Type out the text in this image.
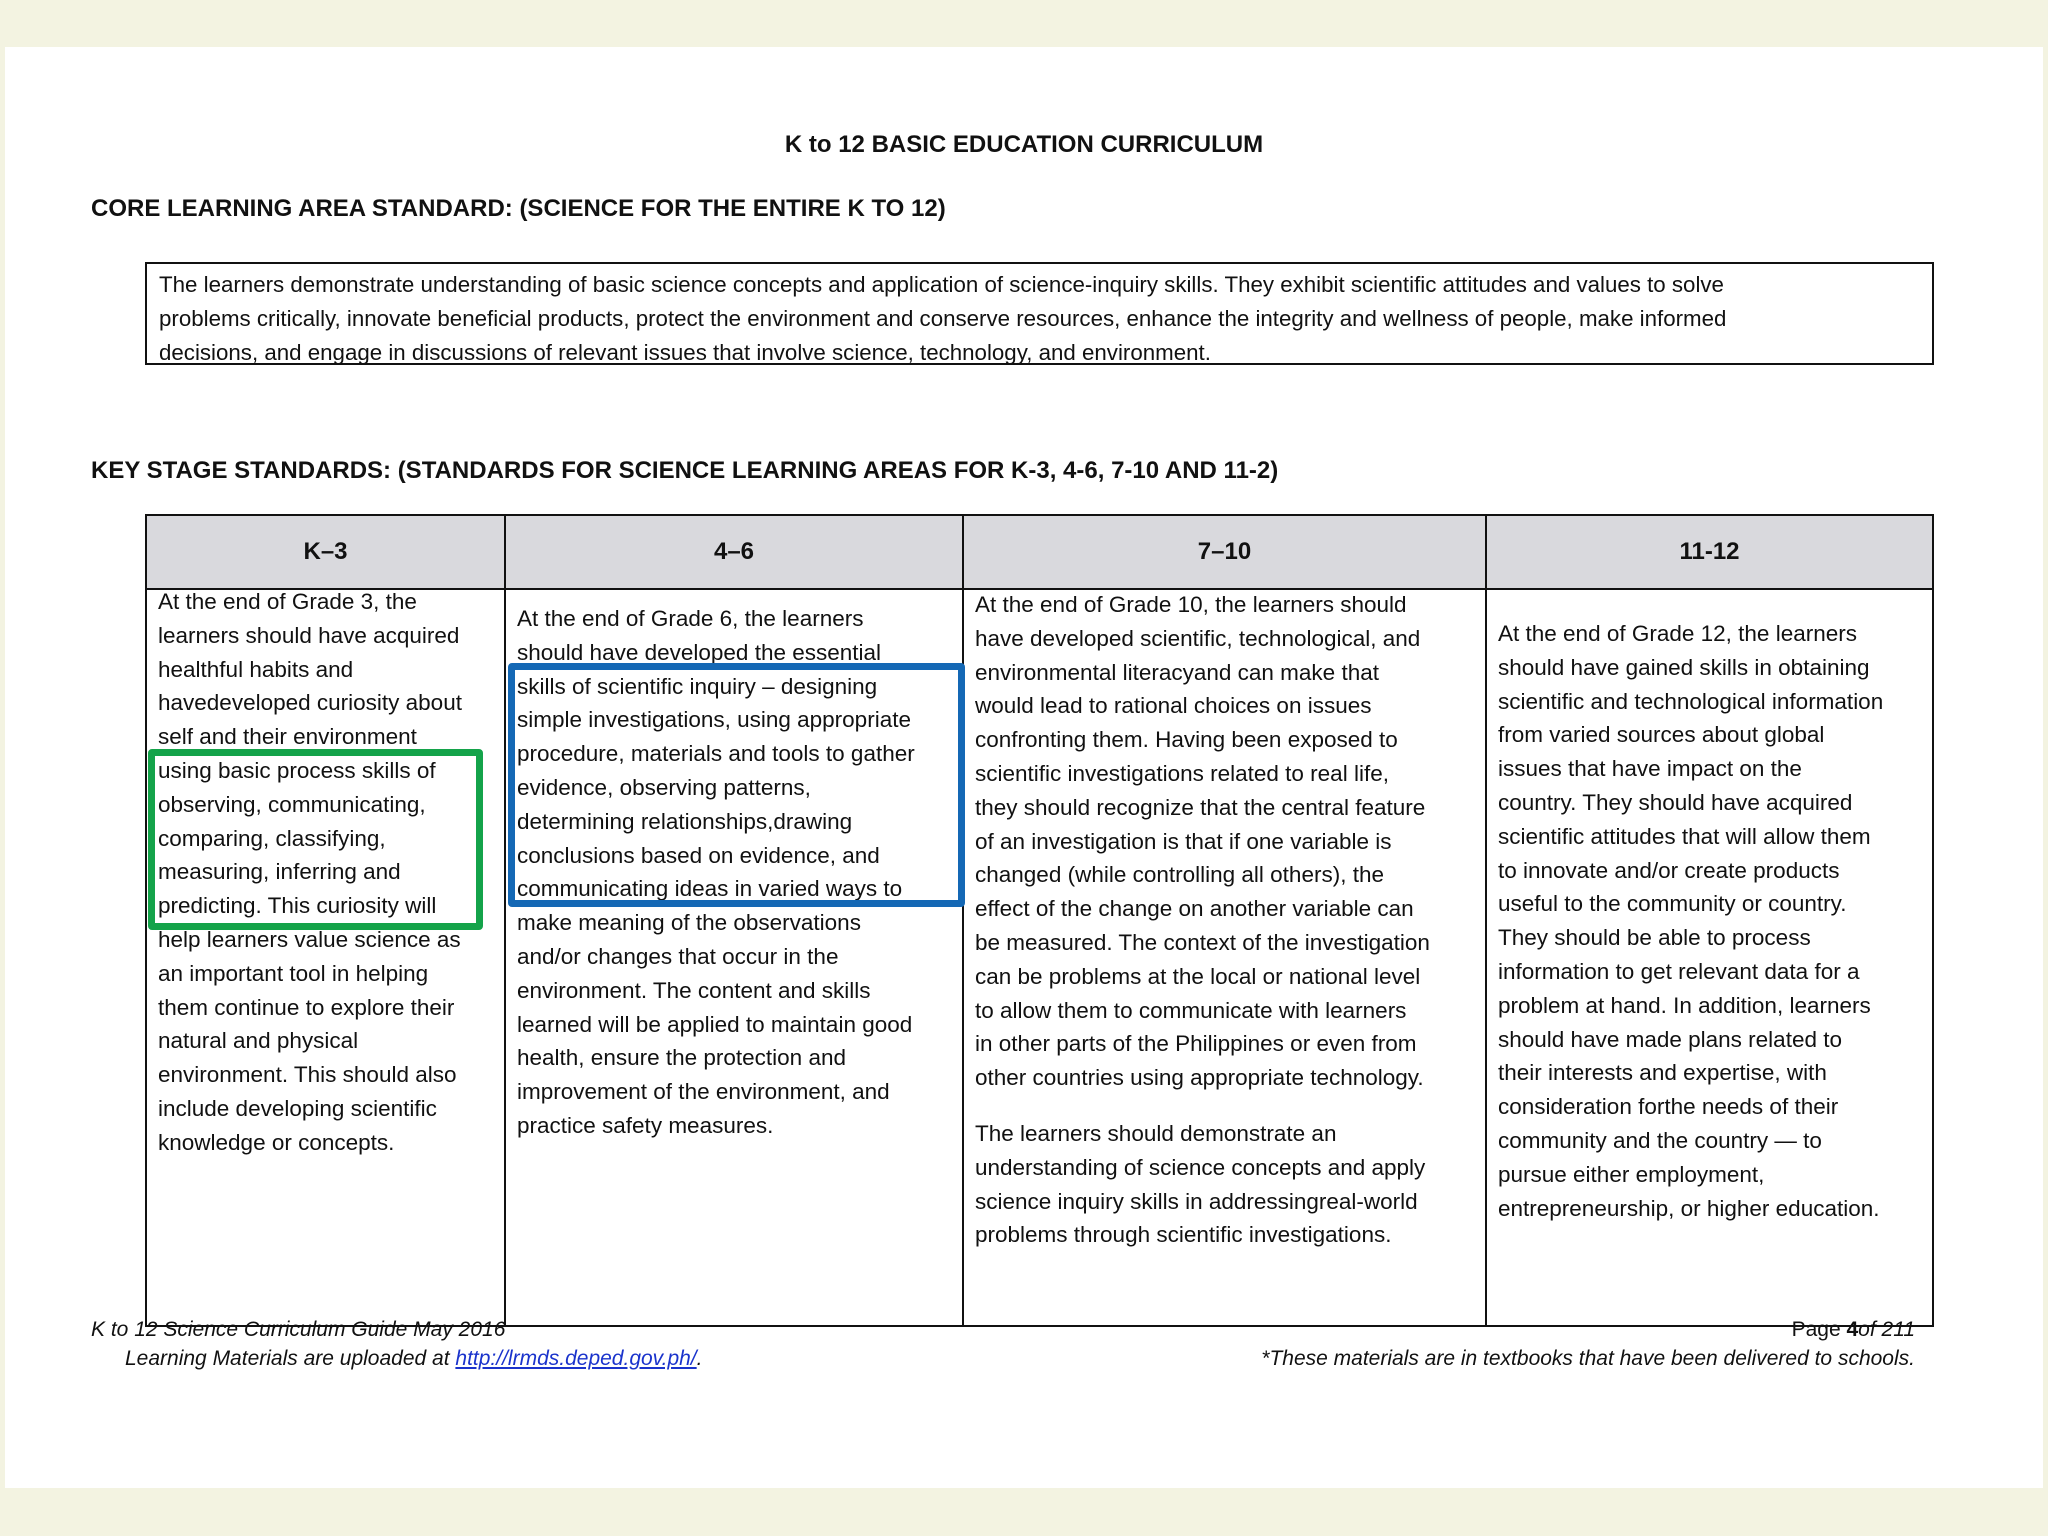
K to 12 BASIC EDUCATION CURRICULUM
CORE LEARNING AREA STANDARD: (SCIENCE FOR THE ENTIRE K TO 12)
The learners demonstrate understanding of basic science concepts and application of science-inquiry skills. They exhibit scientific attitudes and values to solve
problems critically, innovate beneficial products, protect the environment and conserve resources, enhance the integrity and wellness of people, make informed
decisions, and engage in discussions of relevant issues that involve science, technology, and environment.
KEY STAGE STANDARDS: (STANDARDS FOR SCIENCE LEARNING AREAS FOR K-3, 4-6, 7-10 AND 11-2)
K–3
At the end of Grade 3, the
learners should have acquired
healthful habits and
havedeveloped curiosity about
self and their environment
using basic process skills of
observing, communicating,
comparing, classifying,
measuring, inferring and
predicting. This curiosity will
help learners value science as
an important tool in helping
them continue to explore their
natural and physical
environment. This should also
include developing scientific
knowledge or concepts.
4–6
At the end of Grade 6, the learners
should have developed the essential
skills of scientific inquiry – designing
simple investigations, using appropriate
procedure, materials and tools to gather
evidence, observing patterns,
determining relationships,drawing
conclusions based on evidence, and
communicating ideas in varied ways to
make meaning of the observations
and/or changes that occur in the
environment. The content and skills
learned will be applied to maintain good
health, ensure the protection and
improvement of the environment, and
practice safety measures.
7–10
At the end of Grade 10, the learners should
have developed scientific, technological, and
environmental literacyand can make that
would lead to rational choices on issues
confronting them. Having been exposed to
scientific investigations related to real life,
they should recognize that the central feature
of an investigation is that if one variable is
changed (while controlling all others), the
effect of the change on another variable can
be measured. The context of the investigation
can be problems at the local or national level
to allow them to communicate with learners
in other parts of the Philippines or even from
other countries using appropriate technology.
The learners should demonstrate an
understanding of science concepts and apply
science inquiry skills in addressingreal-world
problems through scientific investigations.
11-12
At the end of Grade 12, the learners
should have gained skills in obtaining
scientific and technological information
from varied sources about global
issues that have impact on the
country. They should have acquired
scientific attitudes that will allow them
to innovate and/or create products
useful to the community or country.
They should be able to process
information to get relevant data for a
problem at hand. In addition, learners
should have made plans related to
their interests and expertise, with
consideration forthe needs of their
community and the country — to
pursue either employment,
entrepreneurship, or higher education.
K to 12 Science Curriculum Guide May 2016
Learning Materials are uploaded at http://lrmds.deped.gov.ph/.
Page 4of 211
*These materials are in textbooks that have been delivered to schools.
